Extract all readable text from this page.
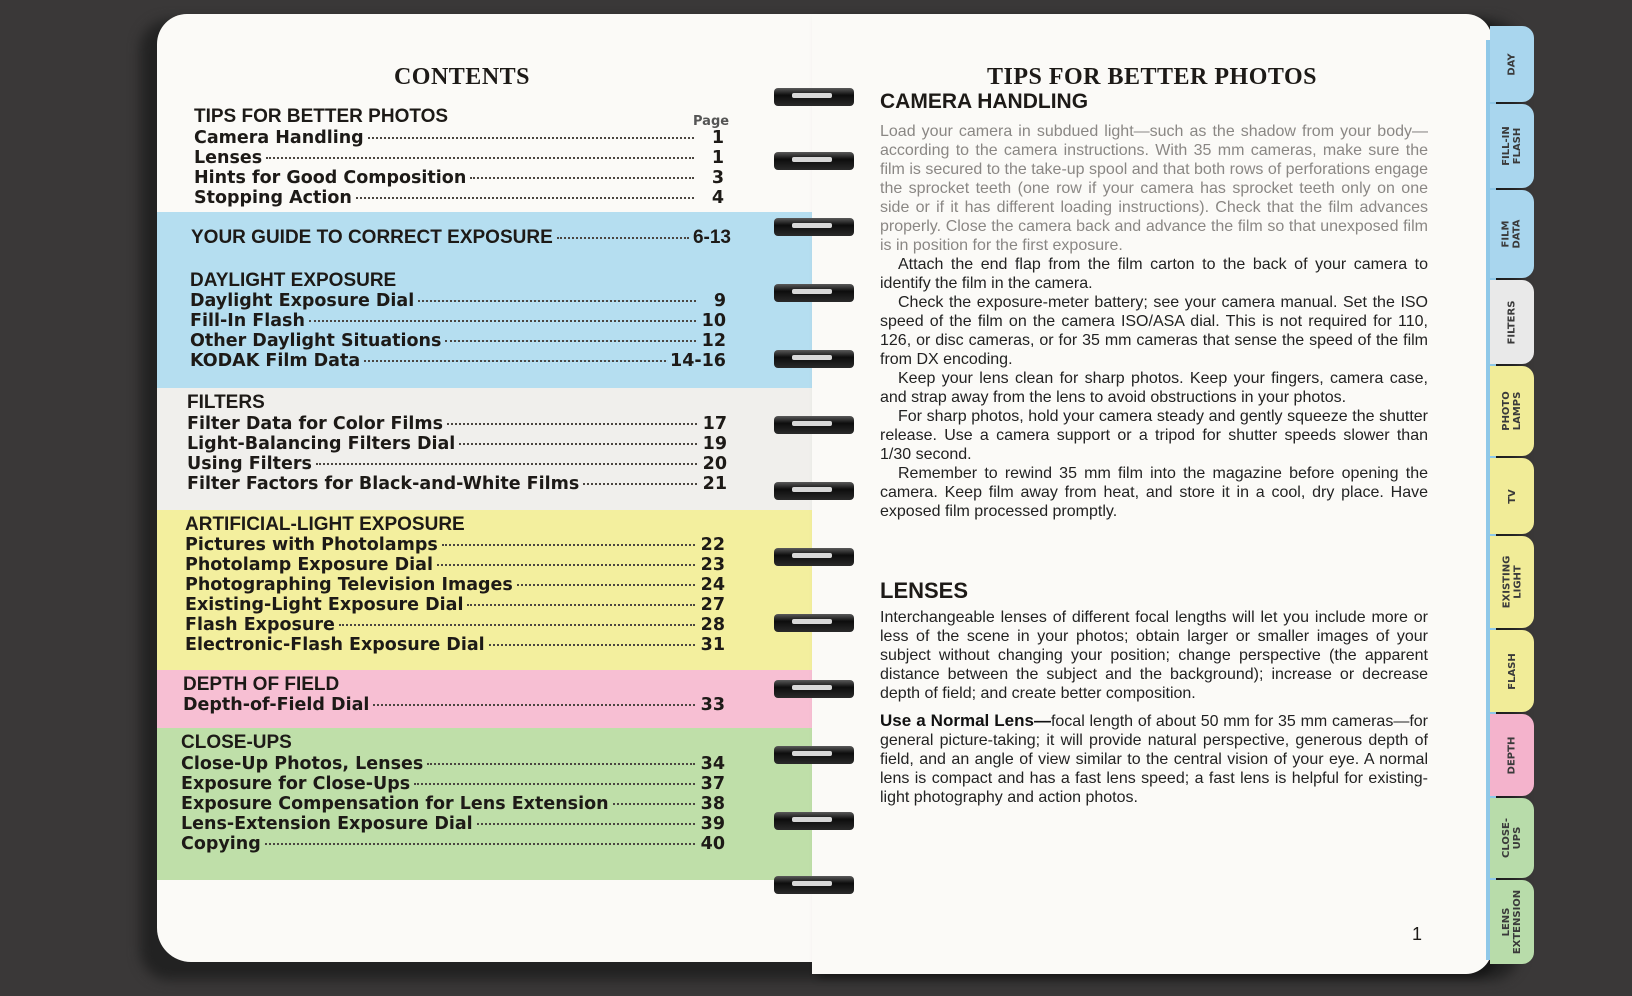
CONTENTS
TIPS FOR BETTER PHOTOS	Page
Camera Handling	1
Lenses	1
Hints for Good Composition	3
Stopping Action	4
YOUR GUIDE TO CORRECT EXPOSURE	6-13
DAYLIGHT EXPOSURE
Daylight Exposure Dial	9
Fill-In Flash	10
Other Daylight Situations	12
KODAK Film Data	14-16
FILTERS
Filter Data for Color Films	17
Light-Balancing Filters Dial	19
Using Filters	20
Filter Factors for Black-and-White Films	21
ARTIFICIAL-LIGHT EXPOSURE
Pictures with Photolamps	22
Photolamp Exposure Dial	23
Photographing Television Images	24
Existing-Light Exposure Dial	27
Flash Exposure	28
Electronic-Flash Exposure Dial	31
DEPTH OF FIELD
Depth-of-Field Dial	33
CLOSE-UPS
Close-Up Photos, Lenses	34
Exposure for Close-Ups	37
Exposure Compensation for Lens Extension	38
Lens-Extension Exposure Dial	39
Copying	40
TIPS FOR BETTER PHOTOS
CAMERA HANDLING

Load your camera in subdued light—such as the shadow from your body—according to the camera instructions. With 35 mm cameras, make sure the film is secured to the take-up spool and that both rows of perforations engage the sprocket teeth (one row if your camera has sprocket teeth only on one side or if it has different loading instructions). Check that the film advances properly. Close the camera back and advance the film so that unexposed film is in position for the first exposure.

Attach the end flap from the film carton to the back of your camera to identify the film in the camera.

Check the exposure-meter battery; see your camera manual. Set the ISO speed of the film on the camera ISO/ASA dial. This is not required for 110, 126, or disc cameras, or for 35 mm cameras that sense the speed of the film from DX encoding.

Keep your lens clean for sharp photos. Keep your fingers, camera case, and strap away from the lens to avoid obstructions in your photos.

For sharp photos, hold your camera steady and gently squeeze the shutter release. Use a camera support or a tripod for shutter speeds slower than 1/30 second.

Remember to rewind 35 mm film into the magazine before opening the camera. Keep film away from heat, and store it in a cool, dry place. Have exposed film processed promptly.

LENSES

Interchangeable lenses of different focal lengths will let you include more or less of the scene in your photos; obtain larger or smaller images of your subject without changing your position; change perspective (the apparent distance between the subject and the background); increase or decrease depth of field; and create better composition.

Use a Normal Lens—focal length of about 50 mm for 35 mm cameras—for general picture-taking; it will provide natural perspective, generous depth of field, and an angle of view similar to the central vision of your eye. A normal lens is compact and has a fast lens speed; a fast lens is helpful for existing-light photography and action photos.

1
DAY
FILL-IN
FLASH
FILM
DATA
FILTERS
PHOTO
LAMPS
TV
EXISTING
LIGHT
FLASH
DEPTH
CLOSE-
UPS
LENS
EXTENSION
